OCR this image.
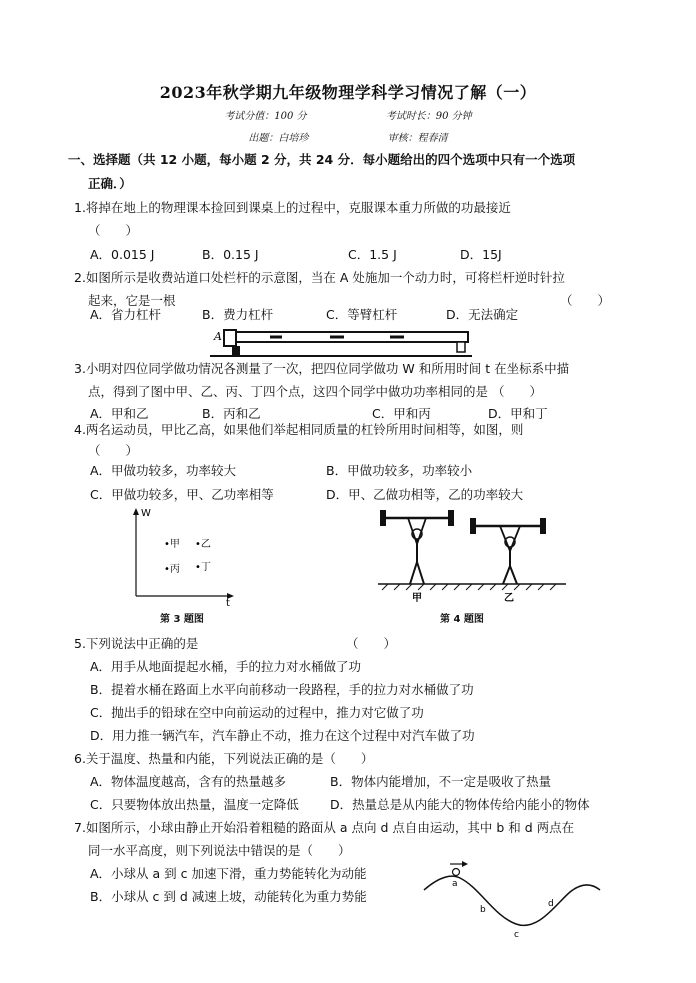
2023年秋学期九年级物理学科学习情况了解（一）
考试分值：100 分	考试时长：90 分钟
出题：白培珍	审核：程春清
一、选择题（共 12 小题，每小题 2 分，共 24 分．每小题给出的四个选项中只有一个选项
正确．）
1.将掉在地上的物理课本捡回到课桌上的过程中，克服课本重力所做的功最接近
（　　）
A．0.015 J	B．0.15 J	C．1.5 J	D．15J
2.如图所示是收费站道口处栏杆的示意图，当在 A 处施加一个动力时，可将栏杆逆时针拉
起来，它是一根	（　　）
A．省力杠杆	B．费力杠杆	C．等臂杠杆	D．无法确定
A
3.小明对四位同学做功情况各测量了一次，把四位同学做功 W 和所用时间 t 在坐标系中描
点，得到了图中甲、乙、丙、丁四个点，这四个同学中做功功率相同的是 （　　）
A．甲和乙	B．丙和乙	C．甲和丙	D．甲和丁
4.两名运动员，甲比乙高，如果他们举起相同质量的杠铃所用时间相等，如图，则
（　　）
A．甲做功较多，功率较大	B．甲做功较多，功率较小
C．甲做功较多，甲、乙功率相等	D．甲、乙做功相等，乙的功率较大
W
t
•甲 •乙
•丙 •丁
第 3 题图
甲	乙
第 4 题图
5.下列说法中正确的是	（　　）
A．用手从地面提起水桶，手的拉力对水桶做了功
B．提着水桶在路面上水平向前移动一段路程，手的拉力对水桶做了功
C．抛出手的铅球在空中向前运动的过程中，推力对它做了功
D．用力推一辆汽车，汽车静止不动，推力在这个过程中对汽车做了功
6.关于温度、热量和内能，下列说法正确的是（　　）
A．物体温度越高，含有的热量越多	B．物体内能增加，不一定是吸收了热量
C．只要物体放出热量，温度一定降低	D．热量总是从内能大的物体传给内能小的物体
7.如图所示，小球由静止开始沿着粗糙的路面从 a 点向 d 点自由运动，其中 b 和 d 两点在
同一水平高度，则下列说法中错误的是（　　）
A．小球从 a 到 c 加速下滑，重力势能转化为动能
B．小球从 c 到 d 减速上坡，动能转化为重力势能
a
b
c
d
